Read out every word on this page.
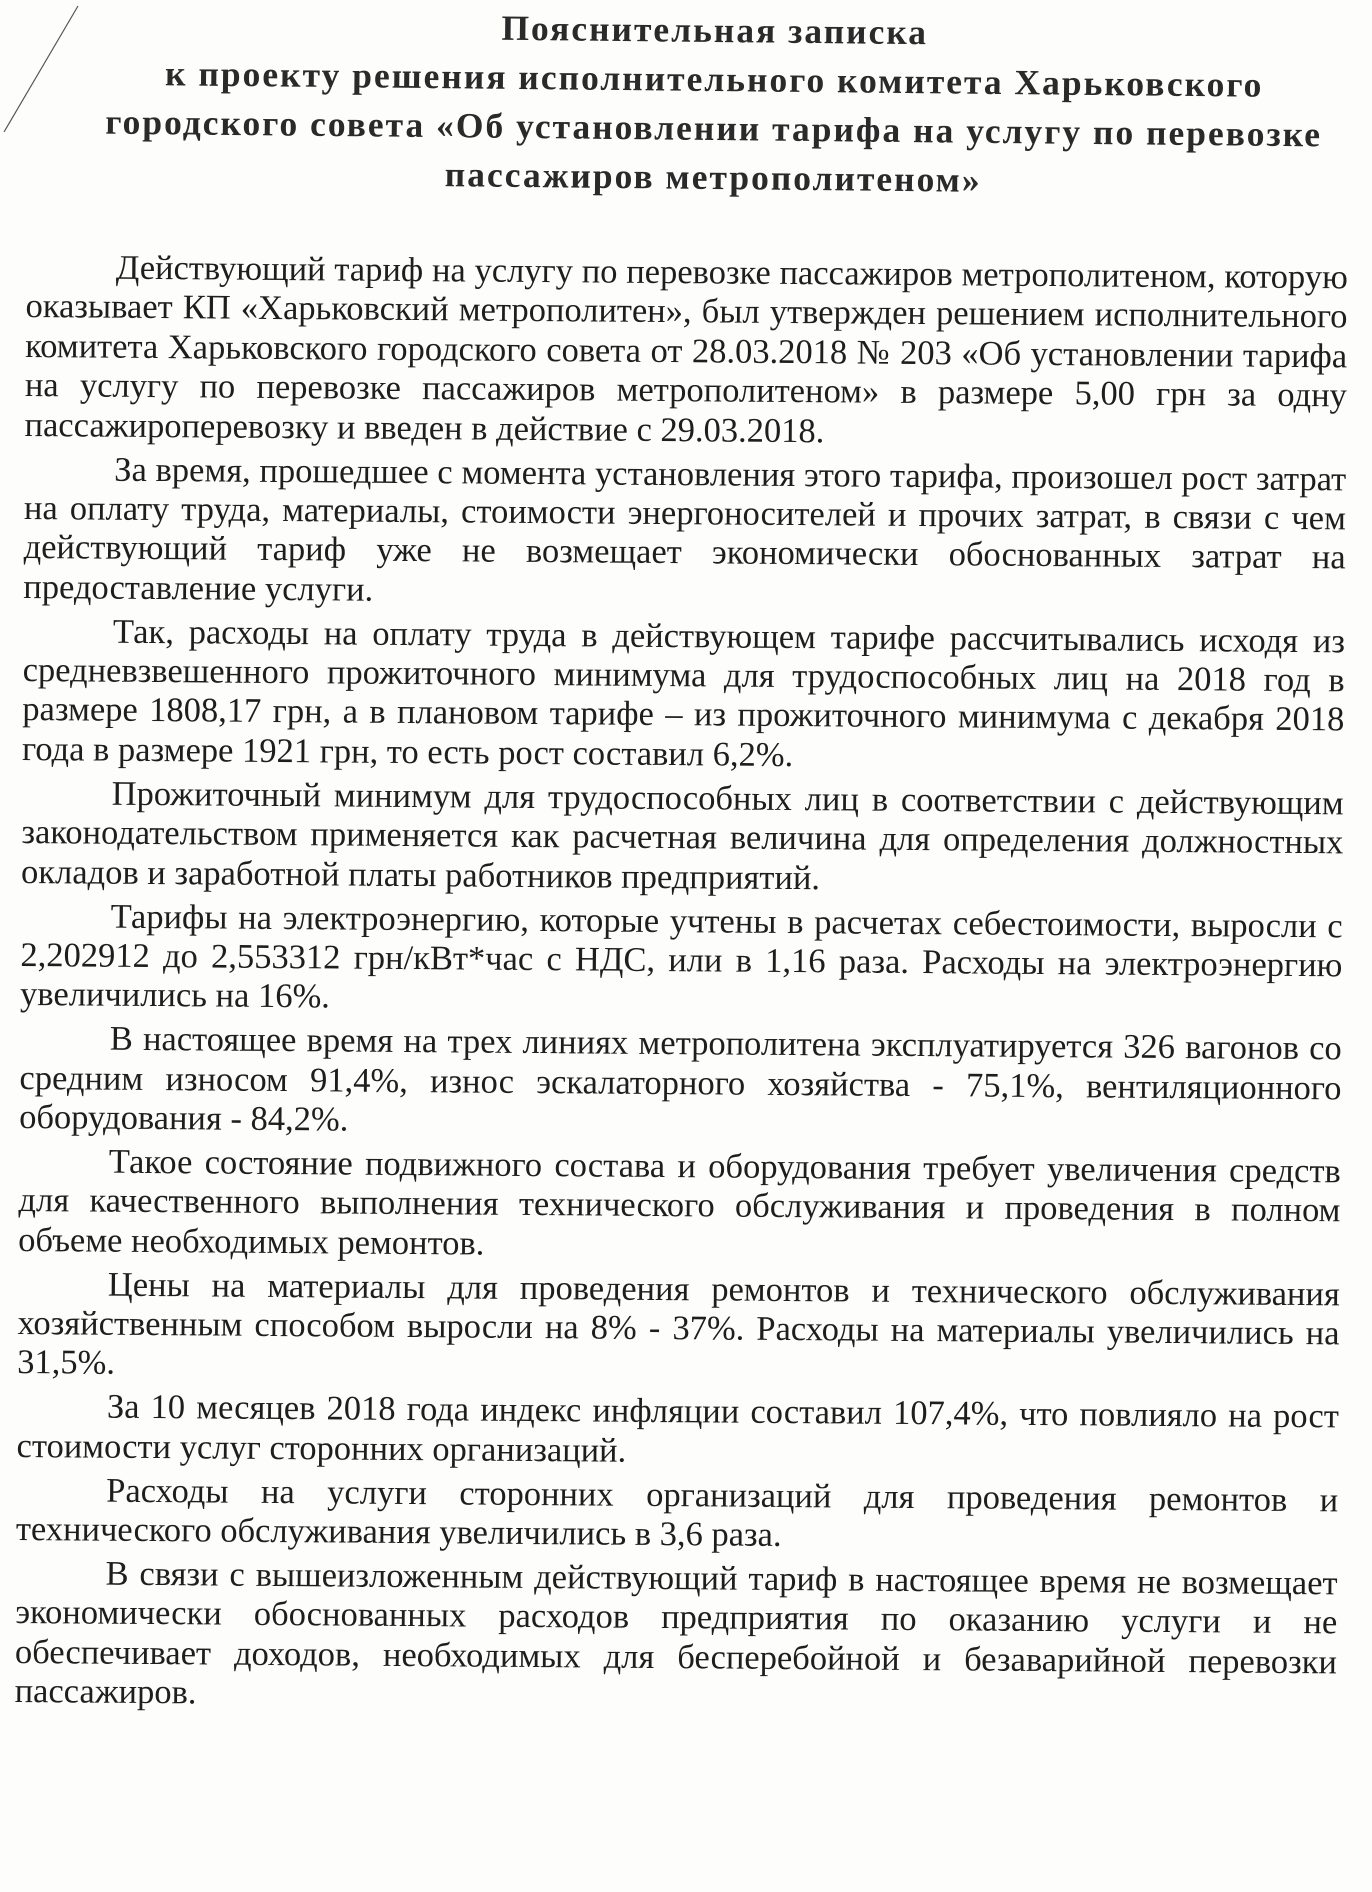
Пояснительная записка
к проекту решения исполнительного комитета Харьковского
городского совета «Об установлении тарифа на услугу по перевозке
пассажиров метрополитеном»

Действующий тариф на услугу по перевозке пассажиров метрополитеном, которую оказывает КП «Харьковский метрополитен», был утвержден решением исполнительного комитета Харьковского городского совета от 28.03.2018 № 203 «Об установлении тарифа на услугу по перевозке пассажиров метрополитеном» в размере 5,00 грн за одну пассажироперевозку и введен в действие с 29.03.2018.

За время, прошедшее с момента установления этого тарифа, произошел рост затрат на оплату труда, материалы, стоимости энергоносителей и прочих затрат, в связи с чем действующий тариф уже не возмещает экономически обоснованных затрат на предоставление услуги.

Так, расходы на оплату труда в действующем тарифе рассчитывались исходя из средневзвешенного прожиточного минимума для трудоспособных лиц на 2018 год в размере 1808,17 грн, а в плановом тарифе – из прожиточного минимума с декабря 2018 года в размере 1921 грн, то есть рост составил 6,2%.

Прожиточный минимум для трудоспособных лиц в соответствии с действующим законодательством применяется как расчетная величина для определения должностных окладов и заработной платы работников предприятий.

Тарифы на электроэнергию, которые учтены в расчетах себестоимости, выросли с 2,202912 до 2,553312 грн/кВт*час с НДС, или в 1,16 раза. Расходы на электроэнергию увеличились на 16%.

В настоящее время на трех линиях метрополитена эксплуатируется 326 вагонов со средним износом 91,4%, износ эскалаторного хозяйства - 75,1%, вентиляционного оборудования - 84,2%.

Такое состояние подвижного состава и оборудования требует увеличения средств для качественного выполнения технического обслуживания и проведения в полном объеме необходимых ремонтов.

Цены на материалы для проведения ремонтов и технического обслуживания хозяйственным способом выросли на 8% - 37%. Расходы на материалы увеличились на 31,5%.

За 10 месяцев 2018 года индекс инфляции составил 107,4%, что повлияло на рост стоимости услуг сторонних организаций.

Расходы на услуги сторонних организаций для проведения ремонтов и технического обслуживания увеличились в 3,6 раза.

В связи с вышеизложенным действующий тариф в настоящее время не возмещает экономически обоснованных расходов предприятия по оказанию услуги и не обеспечивает доходов, необходимых для бесперебойной и безаварийной перевозки пассажиров.
